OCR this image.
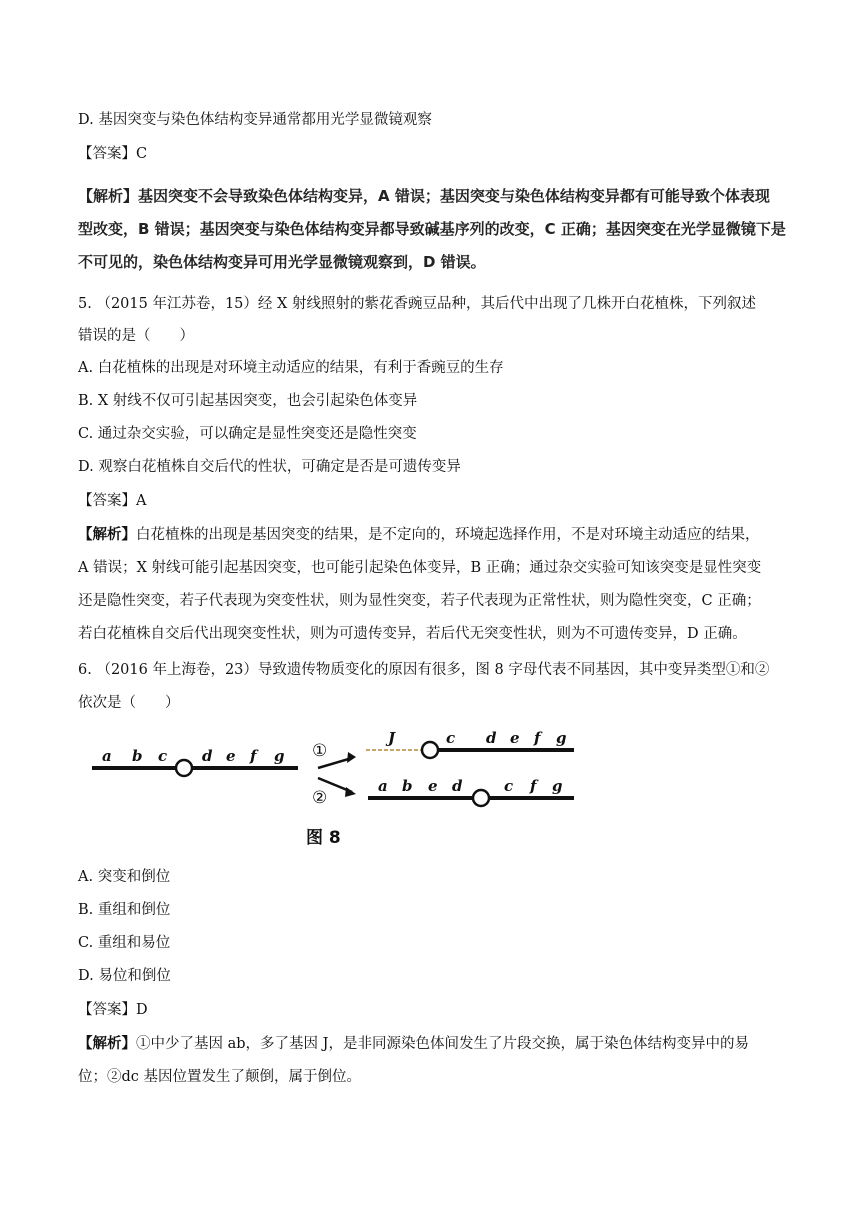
D. 基因突变与染色体结构变异通常都用光学显微镜观察
【答案】C
【解析】基因突变不会导致染色体结构变异，A 错误；基因突变与染色体结构变异都有可能导致个体表现
型改变，B 错误；基因突变与染色体结构变异都导致碱基序列的改变，C 正确；基因突变在光学显微镜下是
不可见的，染色体结构变异可用光学显微镜观察到，D 错误。
5. （2015 年江苏卷，15）经 X 射线照射的紫花香豌豆品种，其后代中出现了几株开白花植株，下列叙述
错误的是（　　）
A. 白花植株的出现是对环境主动适应的结果，有利于香豌豆的生存
B. X 射线不仅可引起基因突变，也会引起染色体变异
C. 通过杂交实验，可以确定是显性突变还是隐性突变
D. 观察白花植株自交后代的性状，可确定是否是可遗传变异
【答案】A
【解析】白花植株的出现是基因突变的结果，是不定向的，环境起选择作用，不是对环境主动适应的结果，
A 错误；X 射线可能引起基因突变，也可能引起染色体变异，B 正确；通过杂交实验可知该突变是显性突变
还是隐性突变，若子代表现为突变性状，则为显性突变，若子代表现为正常性状，则为隐性突变，C 正确；
若白花植株自交后代出现突变性状，则为可遗传变异，若后代无突变性状，则为不可遗传变异，D 正确。
6. （2016 年上海卷，23）导致遗传物质变化的原因有很多，图 8 字母代表不同基因，其中变异类型①和②
依次是（　　）
a b c d e f g ①
②
J	c d e f g
a b e d	c f g
图 8
A. 突变和倒位
B. 重组和倒位
C. 重组和易位
D. 易位和倒位
【答案】D
【解析】①中少了基因 ab，多了基因 J，是非同源染色体间发生了片段交换，属于染色体结构变异中的易
位；②dc 基因位置发生了颠倒，属于倒位。
